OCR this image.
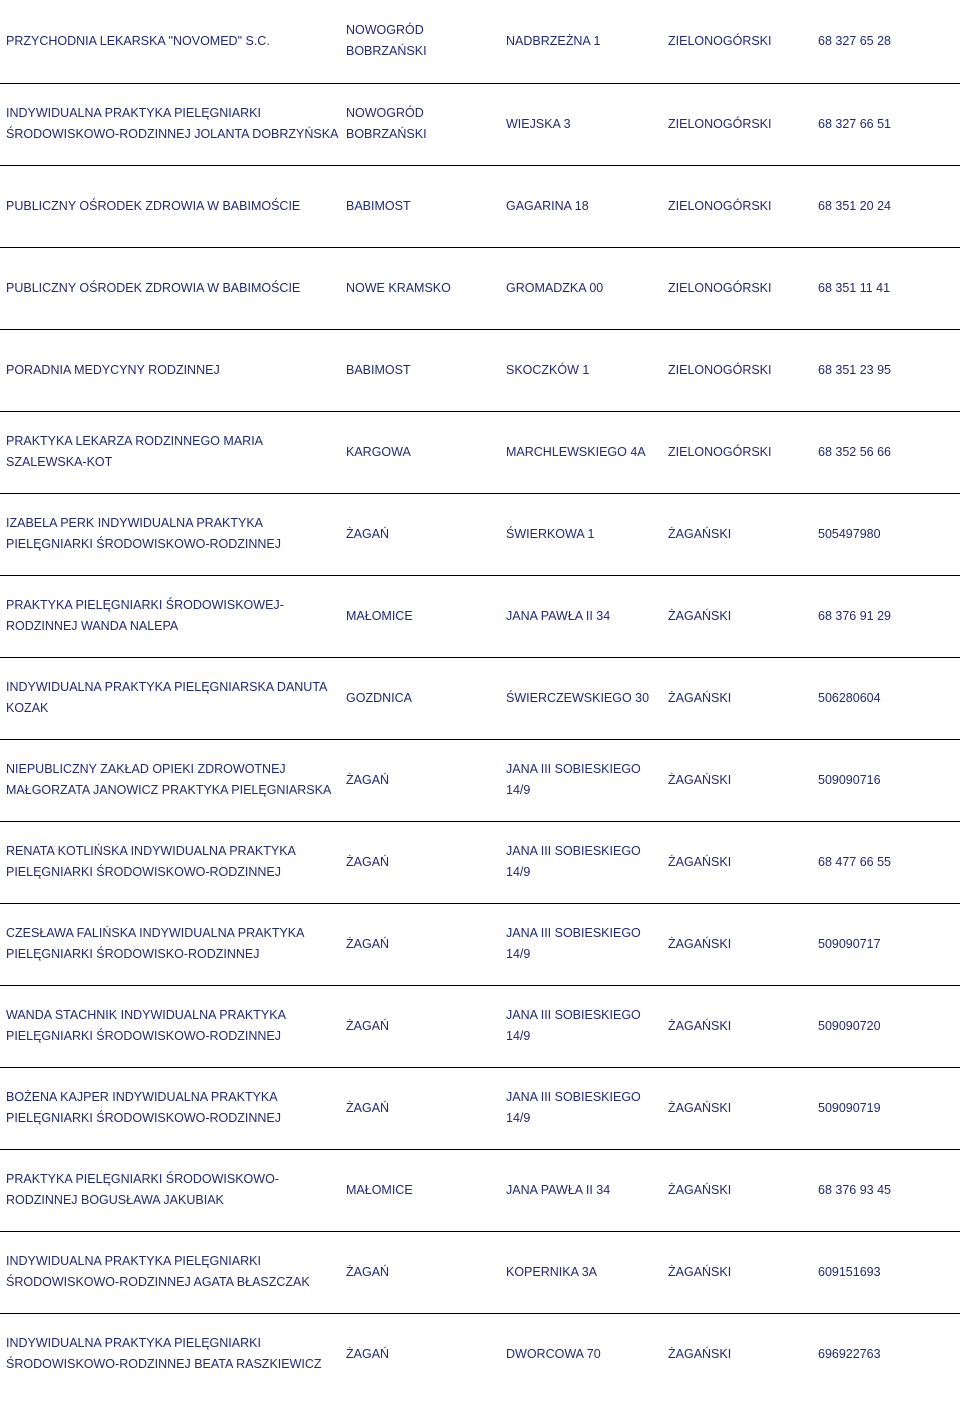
PRZYCHODNIA LEKARSKA "NOVOMED" S.C.	NOWOGRÓD BOBRZAŃSKI	NADBRZEŻNA 1	ZIELONOGÓRSKI	68 327 65 28
INDYWIDUALNA PRAKTYKA PIELĘGNIARKI ŚRODOWISKOWO-RODZINNEJ JOLANTA DOBRZYŃSKA	NOWOGRÓD BOBRZAŃSKI	WIEJSKA 3	ZIELONOGÓRSKI	68 327 66 51
PUBLICZNY OŚRODEK ZDROWIA W BABIMOŚCIE	BABIMOST	GAGARINA 18	ZIELONOGÓRSKI	68 351 20 24
PUBLICZNY OŚRODEK ZDROWIA W BABIMOŚCIE	NOWE KRAMSKO	GROMADZKA 00	ZIELONOGÓRSKI	68 351 11 41
PORADNIA MEDYCYNY RODZINNEJ	BABIMOST	SKOCZKÓW 1	ZIELONOGÓRSKI	68 351 23 95
PRAKTYKA LEKARZA RODZINNEGO MARIA SZALEWSKA-KOT	KARGOWA	MARCHLEWSKIEGO 4A	ZIELONOGÓRSKI	68 352 56 66
IZABELA PERK INDYWIDUALNA PRAKTYKA PIELĘGNIARKI ŚRODOWISKOWO-RODZINNEJ	ŻAGAŃ	ŚWIERKOWA 1	ŻAGAŃSKI	505497980
PRAKTYKA PIELĘGNIARKI ŚRODOWISKOWEJ-RODZINNEJ WANDA NALEPA	MAŁOMICE	JANA PAWŁA II 34	ŻAGAŃSKI	68 376 91 29
INDYWIDUALNA PRAKTYKA PIELĘGNIARSKA DANUTA KOZAK	GOZDNICA	ŚWIERCZEWSKIEGO 30	ŻAGAŃSKI	506280604
NIEPUBLICZNY ZAKŁAD OPIEKI ZDROWOTNEJ MAŁGORZATA JANOWICZ PRAKTYKA PIELĘGNIARSKA	ŻAGAŃ	JANA III SOBIESKIEGO 14/9	ŻAGAŃSKI	509090716
RENATA KOTLIŃSKA INDYWIDUALNA PRAKTYKA PIELĘGNIARKI ŚRODOWISKOWO-RODZINNEJ	ŻAGAŃ	JANA III SOBIESKIEGO 14/9	ŻAGAŃSKI	68 477 66 55
CZESŁAWA FALIŃSKA INDYWIDUALNA PRAKTYKA PIELĘGNIARKI ŚRODOWISKO-RODZINNEJ	ŻAGAŃ	JANA III SOBIESKIEGO 14/9	ŻAGAŃSKI	509090717
WANDA STACHNIK INDYWIDUALNA PRAKTYKA PIELĘGNIARKI ŚRODOWISKOWO-RODZINNEJ	ŻAGAŃ	JANA III SOBIESKIEGO 14/9	ŻAGAŃSKI	509090720
BOŻENA KAJPER INDYWIDUALNA PRAKTYKA PIELĘGNIARKI ŚRODOWISKOWO-RODZINNEJ	ŻAGAŃ	JANA III SOBIESKIEGO 14/9	ŻAGAŃSKI	509090719
PRAKTYKA PIELĘGNIARKI ŚRODOWISKOWO-RODZINNEJ BOGUSŁAWA JAKUBIAK	MAŁOMICE	JANA PAWŁA II 34	ŻAGAŃSKI	68 376 93 45
INDYWIDUALNA PRAKTYKA PIELĘGNIARKI ŚRODOWISKOWO-RODZINNEJ AGATA BŁASZCZAK	ŻAGAŃ	KOPERNIKA 3A	ŻAGAŃSKI	609151693
INDYWIDUALNA PRAKTYKA PIELĘGNIARKI ŚRODOWISKOWO-RODZINNEJ BEATA RASZKIEWICZ	ŻAGAŃ	DWORCOWA 70	ŻAGAŃSKI	696922763
